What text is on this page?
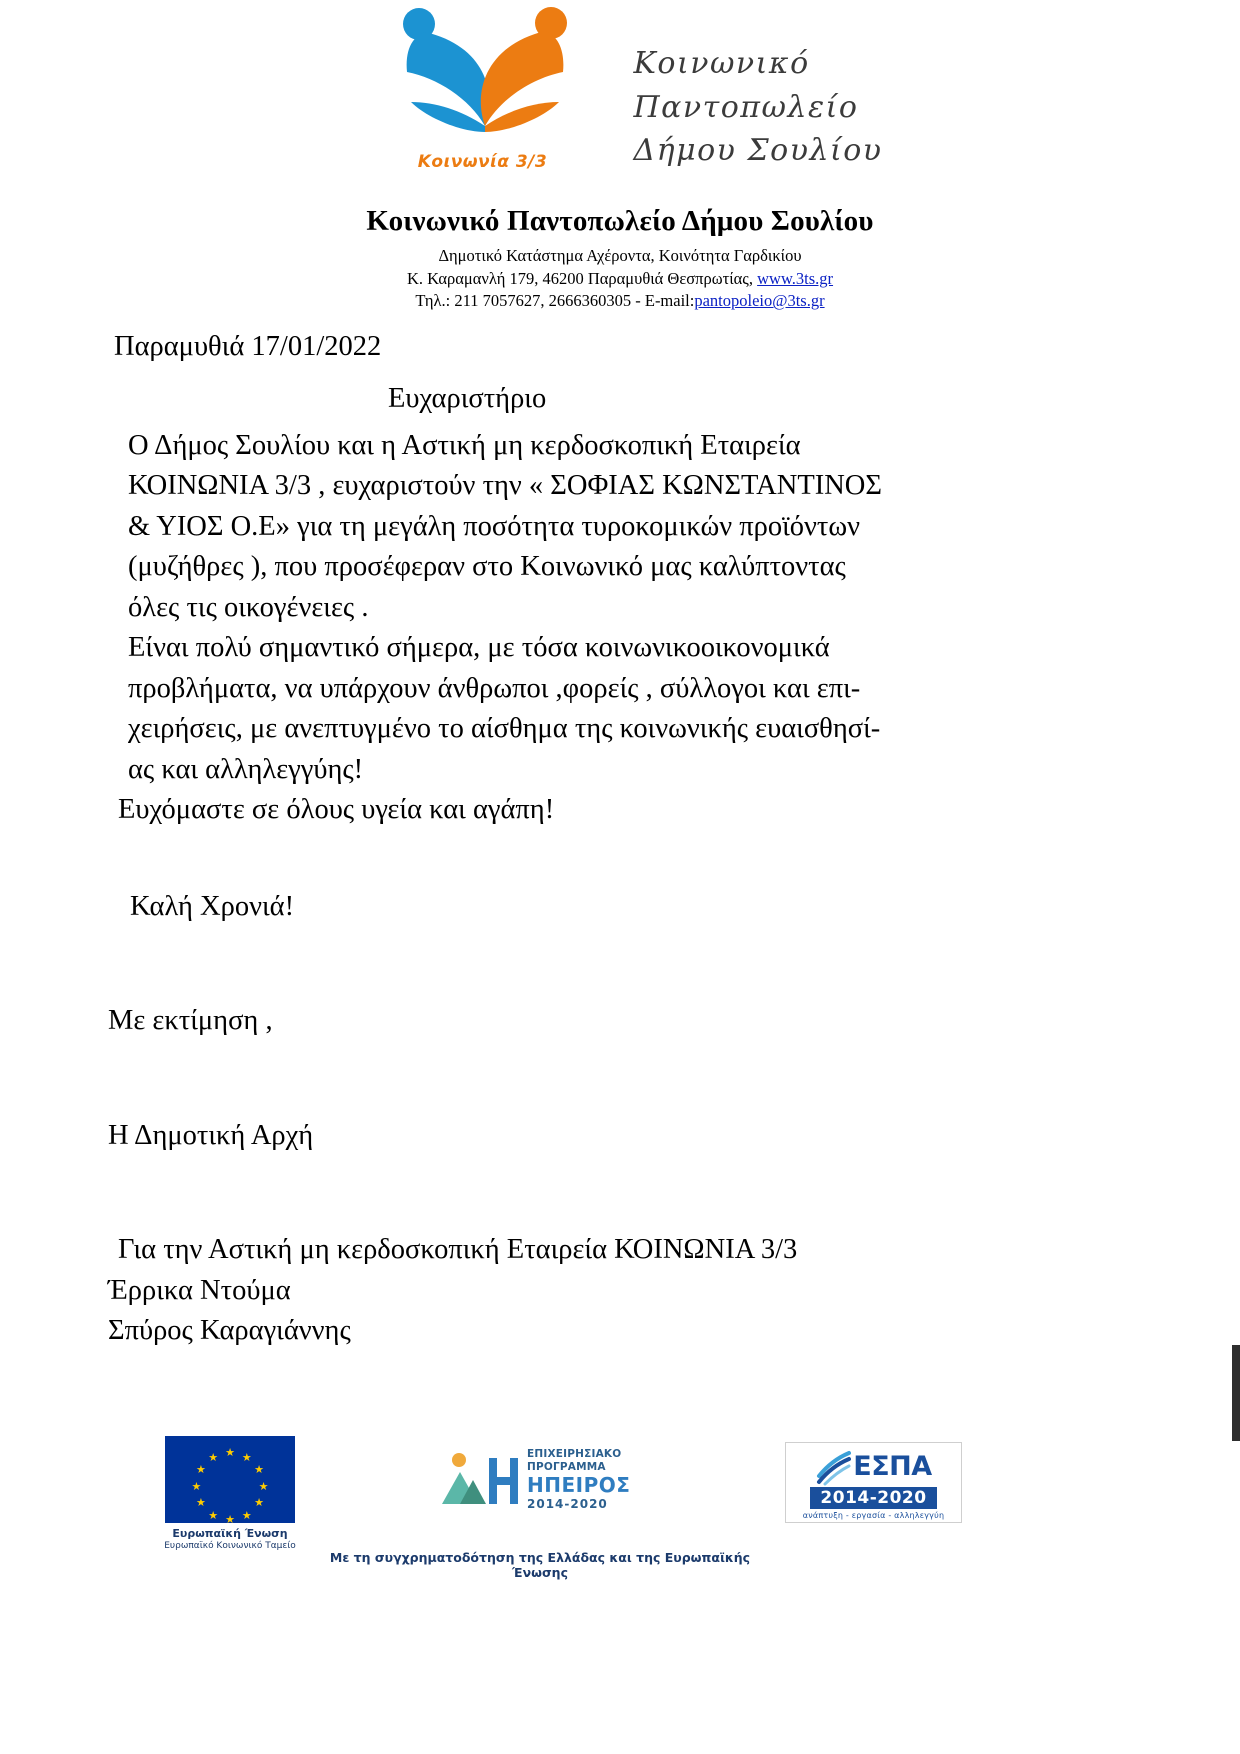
Κοινωνία 3/3
Κοινωνικό
Παντοπωλείο
Δήμου Σουλίου
Κοινωνικό Παντοπωλείο Δήμου Σουλίου
Δημοτικό Κατάστημα Αχέροντα, Κοινότητα Γαρδικίου
Κ. Καραμανλή 179, 46200 Παραμυθιά Θεσπρωτίας, www.3ts.gr
Τηλ.: 211 7057627, 2666360305 - E-mail:pantopoleio@3ts.gr
Παραμυθιά 17/01/2022
Ευχαριστήριο
Ο Δήμος Σουλίου και η Αστική μη κερδοσκοπική Εταιρεία
ΚΟΙΝΩΝΙΑ 3/3 , ευχαριστούν την « ΣΟΦΙΑΣ ΚΩΝΣΤΑΝΤΙΝΟΣ
& ΥΙΟΣ Ο.Ε» για τη μεγάλη ποσότητα τυροκομικών προϊόντων
(μυζήθρες ), που προσέφεραν στο Κοινωνικό μας καλύπτοντας
όλες τις οικογένειες .
Είναι πολύ σημαντικό σήμερα, με τόσα κοινωνικοοικονομικά
προβλήματα, να υπάρχουν άνθρωποι ,φορείς , σύλλογοι και επι-
χειρήσεις, με ανεπτυγμένο το αίσθημα της κοινωνικής ευαισθησί-
ας και αλληλεγγύης!
Ευχόμαστε σε όλους υγεία και αγάπη!
Καλή Χρονιά!
Με εκτίμηση ,
Η Δημοτική Αρχή
Για την Αστική μη κερδοσκοπική Εταιρεία ΚΟΙΝΩΝΙΑ 3/3
Έρρικα Ντούμα
Σπύρος Καραγιάννης
★ ★
★
★
★
★
★
★
★
★
★
★
Ευρωπαϊκή Ένωση
Ευρωπαϊκό Κοινωνικό Ταμείο
ΕΠΙΧΕΙΡΗΣΙΑΚΟ
ΠΡΟΓΡΑΜΜΑ
ΗΠΕΙΡΟΣ
2014-2020
Με τη συγχρηματοδότηση της Ελλάδας και της Ευρωπαϊκής Ένωσης
ΕΣΠΑ
2014-2020
ανάπτυξη - εργασία - αλληλεγγύη
